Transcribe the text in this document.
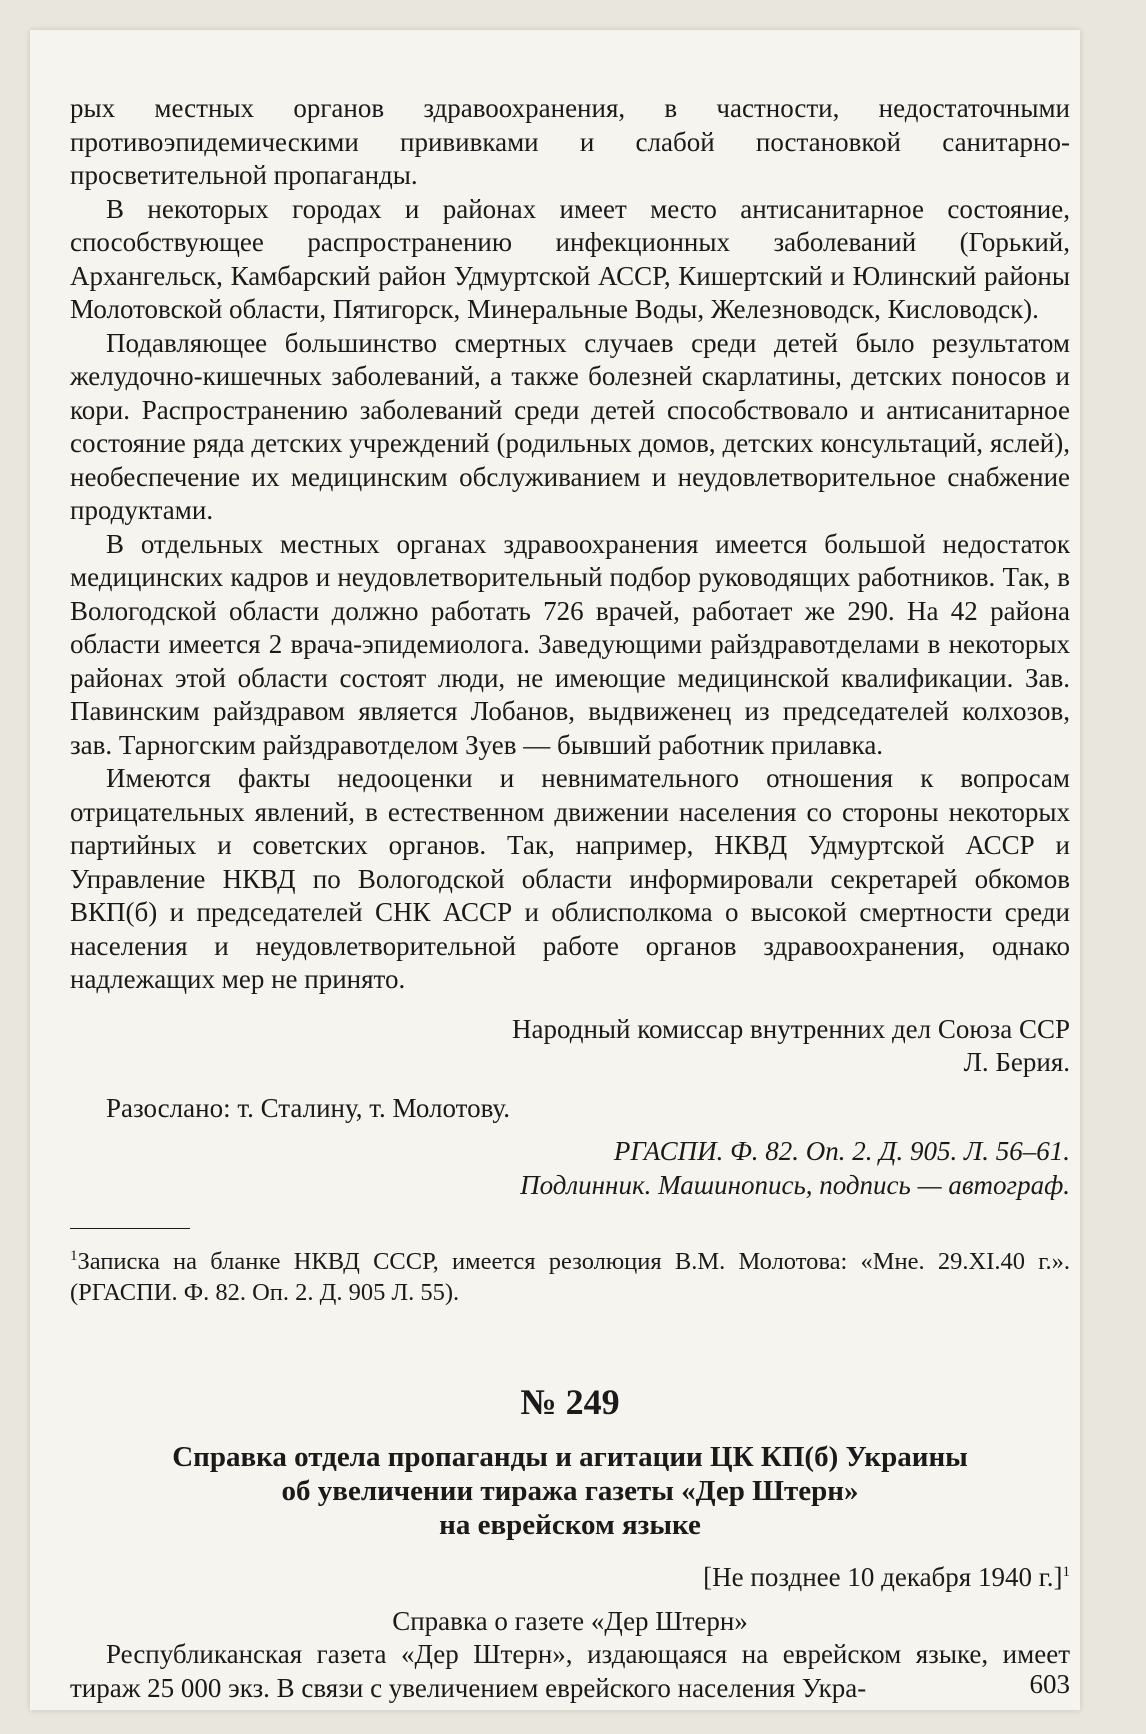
рых местных органов здравоохранения, в частности, недостаточными противоэпидемическими прививками и слабой постановкой санитарно-просветительной пропаганды.

В некоторых городах и районах имеет место антисанитарное состояние, способствующее распространению инфекционных заболеваний (Горький, Архангельск, Камбарский район Удмуртской АССР, Кишертский и Юлинский районы Молотовской области, Пятигорск, Минеральные Воды, Железноводск, Кисловодск).

Подавляющее большинство смертных случаев среди детей было результатом желудочно-кишечных заболеваний, а также болезней скарлатины, детских поносов и кори. Распространению заболеваний среди детей способствовало и антисанитарное состояние ряда детских учреждений (родильных домов, детских консультаций, яслей), необеспечение их медицинским обслуживанием и неудовлетворительное снабжение продуктами.

В отдельных местных органах здравоохранения имеется большой недостаток медицинских кадров и неудовлетворительный подбор руководящих работников. Так, в Вологодской области должно работать 726 врачей, работает же 290. На 42 района области имеется 2 врача-эпидемиолога. Заведующими райздравотделами в некоторых районах этой области состоят люди, не имеющие медицинской квалификации. Зав. Павинским райздравом является Лобанов, выдвиженец из председателей колхозов, зав. Тарногским райздравотделом Зуев — бывший работник прилавка.

Имеются факты недооценки и невнимательного отношения к вопросам отрицательных явлений, в естественном движении населения со стороны некоторых партийных и советских органов. Так, например, НКВД Удмуртской АССР и Управление НКВД по Вологодской области информировали секретарей обкомов ВКП(б) и председателей СНК АССР и облисполкома о высокой смертности среди населения и неудовлетворительной работе органов здравоохранения, однако надлежащих мер не принято.

Народный комиссар внутренних дел Союза ССР

Л. Берия.

Разослано: т. Сталину, т. Молотову.

РГАСПИ. Ф. 82. Оп. 2. Д. 905. Л. 56–61.

Подлинник. Машинопись, подпись — автограф.

$^1$Записка на бланке НКВД СССР, имеется резолюция В.М. Молотова: «Мне. 29.XI.40 г.». (РГАСПИ. Ф. 82. Оп. 2. Д. 905 Л. 55).

№ 249

Справка отдела пропаганды и агитации ЦК КП(б) Украины

об увеличении тиража газеты «Дер Штерн»

на еврейском языке

[Не позднее 10 декабря 1940 г.]$^1$

Справка о газете «Дер Штерн»

Республиканская газета «Дер Штерн», издающаяся на еврейском языке, имеет тираж 25 000 экз. В связи с увеличением еврейского населения Укра-	603
